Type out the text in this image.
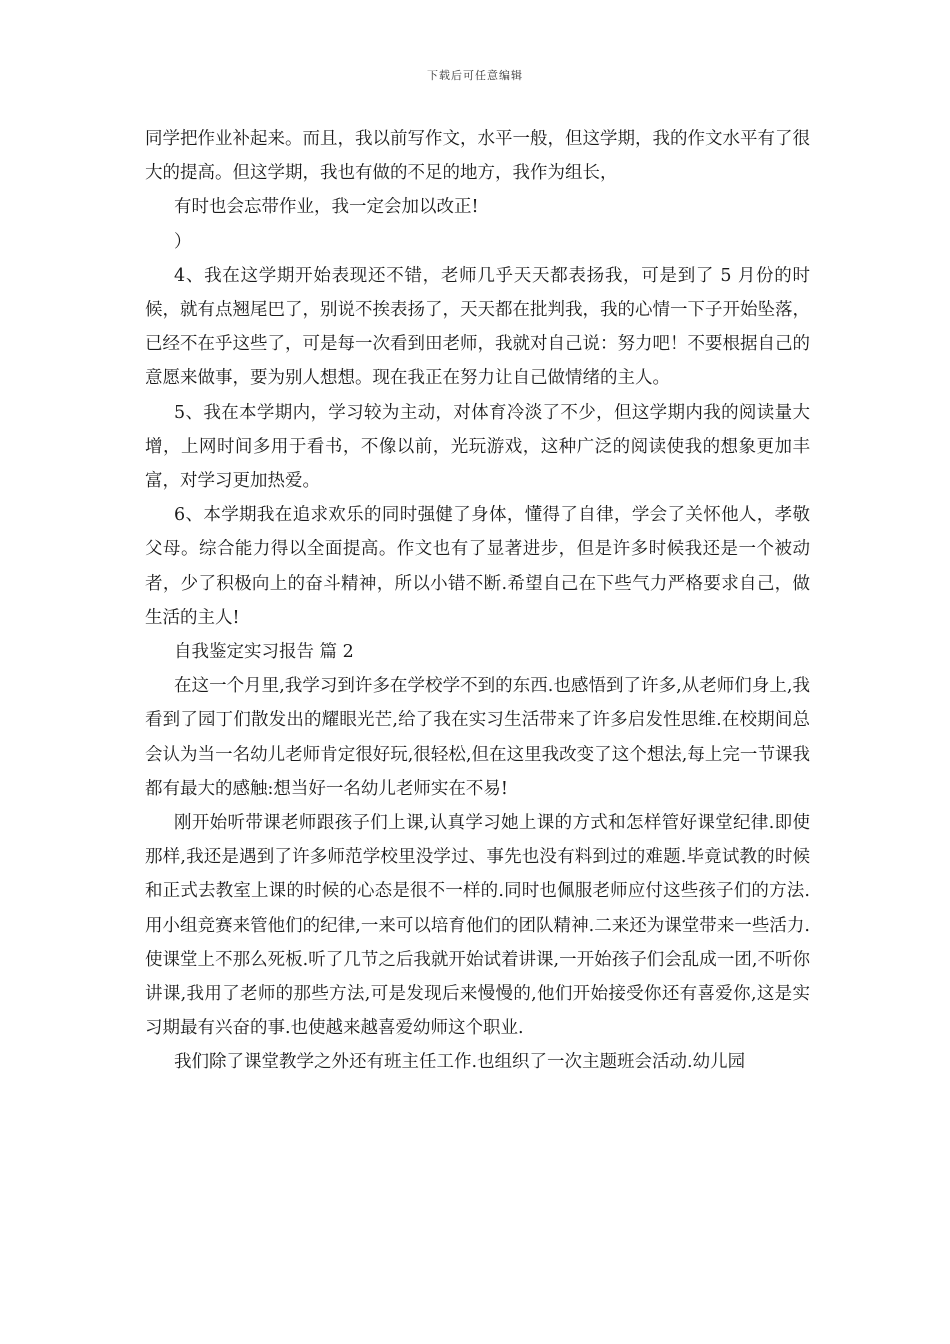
下载后可任意编辑

同学把作业补起来。而且，我以前写作文，水平一般，但这学期，我的作文水平有了很大的提高。但这学期，我也有做的不足的地方，我作为组长，

有时也会忘带作业，我一定会加以改正!

）

4、我在这学期开始表现还不错，老师几乎天天都表扬我，可是到了 5 月份的时候，就有点翘尾巴了，别说不挨表扬了，天天都在批判我，我的心情一下子开始坠落，已经不在乎这些了，可是每一次看到田老师，我就对自己说：努力吧！不要根据自己的意愿来做事，要为别人想想。现在我正在努力让自己做情绪的主人。

5、我在本学期内，学习较为主动，对体育冷淡了不少，但这学期内我的阅读量大增，上网时间多用于看书，不像以前，光玩游戏，这种广泛的阅读使我的想象更加丰富，对学习更加热爱。

6、本学期我在追求欢乐的同时强健了身体，懂得了自律，学会了关怀他人，孝敬父母。综合能力得以全面提高。作文也有了显著进步，但是许多时候我还是一个被动者，少了积极向上的奋斗精神，所以小错不断.希望自己在下些气力严格要求自己，做生活的主人!

自我鉴定实习报告 篇 2

在这一个月里,我学习到许多在学校学不到的东西.也感悟到了许多,从老师们身上,我看到了园丁们散发出的耀眼光芒,给了我在实习生活带来了许多启发性思维.在校期间总会认为当一名幼儿老师肯定很好玩,很轻松,但在这里我改变了这个想法,每上完一节课我都有最大的感触:想当好一名幼儿老师实在不易!

刚开始听带课老师跟孩子们上课,认真学习她上课的方式和怎样管好课堂纪律.即使那样,我还是遇到了许多师范学校里没学过、事先也没有料到过的难题.毕竟试教的时候和正式去教室上课的时候的心态是很不一样的.同时也佩服老师应付这些孩子们的方法.用小组竞赛来管他们的纪律,一来可以培育他们的团队精神.二来还为课堂带来一些活力.使课堂上不那么死板.听了几节之后我就开始试着讲课,一开始孩子们会乱成一团,不听你讲课,我用了老师的那些方法,可是发现后来慢慢的,他们开始接受你还有喜爱你,这是实习期最有兴奋的事.也使越来越喜爱幼师这个职业.

我们除了课堂教学之外还有班主任工作.也组织了一次主题班会活动.幼儿园
